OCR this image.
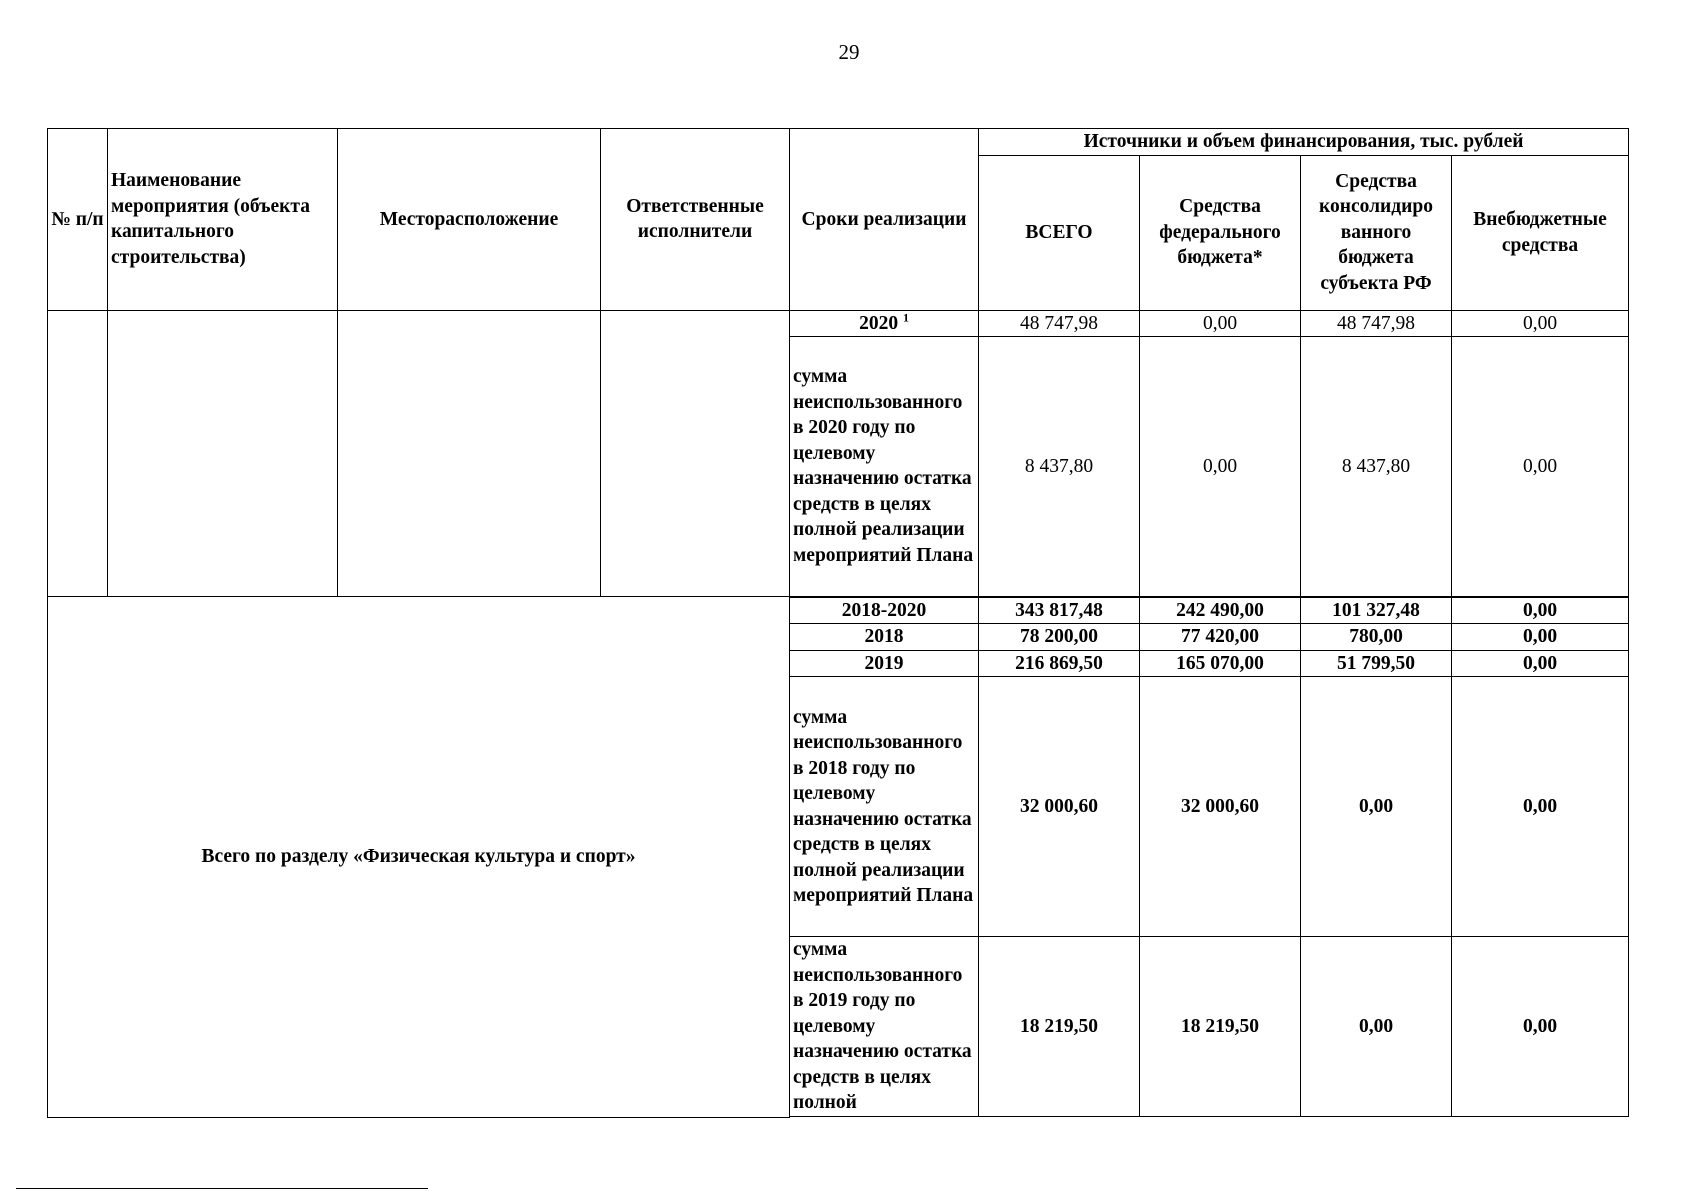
29
№ п/п	Наименование мероприятия (объекта капитального строительства)	Месторасположение	Ответственные исполнители	Сроки реализации	Источники и объем финансирования, тыс. рублей			
					ВСЕГО	Средства федерального бюджета*	Средства консолидиро ванного бюджета субъекта РФ	Внебюджетные средства
				2020 $^1$	48 747,98	0,00	48 747,98	0,00
				сумма неиспользованного в 2020 году по целевому назначению остатка средств в целях полной реализации мероприятий Плана	8 437,80	0,00	8 437,80	0,00
Всего по разделу «Физическая культура и спорт»				2018-2020	343 817,48	242 490,00	101 327,48	0,00
				2018	78 200,00	77 420,00	780,00	0,00
				2019	216 869,50	165 070,00	51 799,50	0,00
				сумма неиспользованного в 2018 году по целевому назначению остатка средств в целях полной реализации мероприятий Плана	32 000,60	32 000,60	0,00	0,00
				сумма неиспользованного в 2019 году по целевому назначению остатка средств в целях полной	18 219,50	18 219,50	0,00	0,00
